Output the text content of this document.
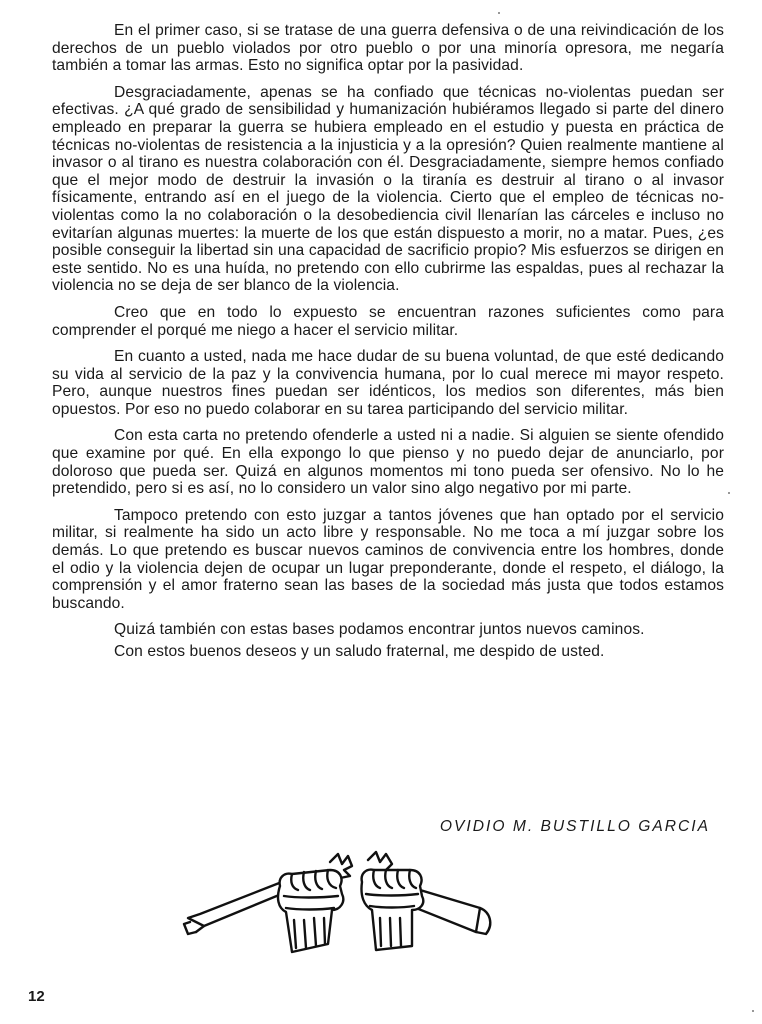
En el primer caso, si se tratase de una guerra defensiva o de una reivindicación de los derechos de un pueblo violados por otro pueblo o por una minoría opresora, me negaría también a tomar las armas. Esto no significa optar por la pasividad.

Desgraciadamente, apenas se ha confiado que técnicas no-violentas puedan ser efectivas. ¿A qué grado de sensibilidad y humanización hubiéramos llegado si parte del dinero empleado en preparar la guerra se hubiera empleado en el estudio y puesta en práctica de técnicas no-violentas de resistencia a la injusticia y a la opresión? Quien realmente mantiene al invasor o al tirano es nuestra colaboración con él. Desgraciadamente, siempre hemos confiado que el mejor modo de destruir la invasión o la tiranía es destruir al tirano o al invasor físicamente, entrando así en el juego de la violencia. Cierto que el empleo de técnicas no-violentas como la no colaboración o la desobediencia civil llenarían las cárceles e incluso no evitarían algunas muertes: la muerte de los que están dispuesto a morir, no a matar. Pues, ¿es posible conseguir la libertad sin una capacidad de sacrificio propio? Mis esfuerzos se dirigen en este sentido. No es una huída, no pretendo con ello cubrirme las espaldas, pues al rechazar la violencia no se deja de ser blanco de la violencia.

Creo que en todo lo expuesto se encuentran razones suficientes como para comprender el porqué me niego a hacer el servicio militar.

En cuanto a usted, nada me hace dudar de su buena voluntad, de que esté dedicando su vida al servicio de la paz y la convivencia humana, por lo cual merece mi mayor respeto. Pero, aunque nuestros fines puedan ser idénticos, los medios son diferentes, más bien opuestos. Por eso no puedo colaborar en su tarea participando del servicio militar.

Con esta carta no pretendo ofenderle a usted ni a nadie. Si alguien se siente ofendido que examine por qué. En ella expongo lo que pienso y no puedo dejar de anunciarlo, por doloroso que pueda ser. Quizá en algunos momentos mi tono pueda ser ofensivo. No lo he pretendido, pero si es así, no lo considero un valor sino algo negativo por mi parte.

Tampoco pretendo con esto juzgar a tantos jóvenes que han optado por el servicio militar, si realmente ha sido un acto libre y responsable. No me toca a mí juzgar sobre los demás. Lo que pretendo es buscar nuevos caminos de convivencia entre los hombres, donde el odio y la violencia dejen de ocupar un lugar preponderante, donde el respeto, el diálogo, la comprensión y el amor fraterno sean las bases de la sociedad más justa que todos estamos buscando.

Quizá también con estas bases podamos encontrar juntos nuevos caminos.

Con estos buenos deseos y un saludo fraternal, me despido de usted.

OVIDIO M. BUSTILLO GARCIA
12
